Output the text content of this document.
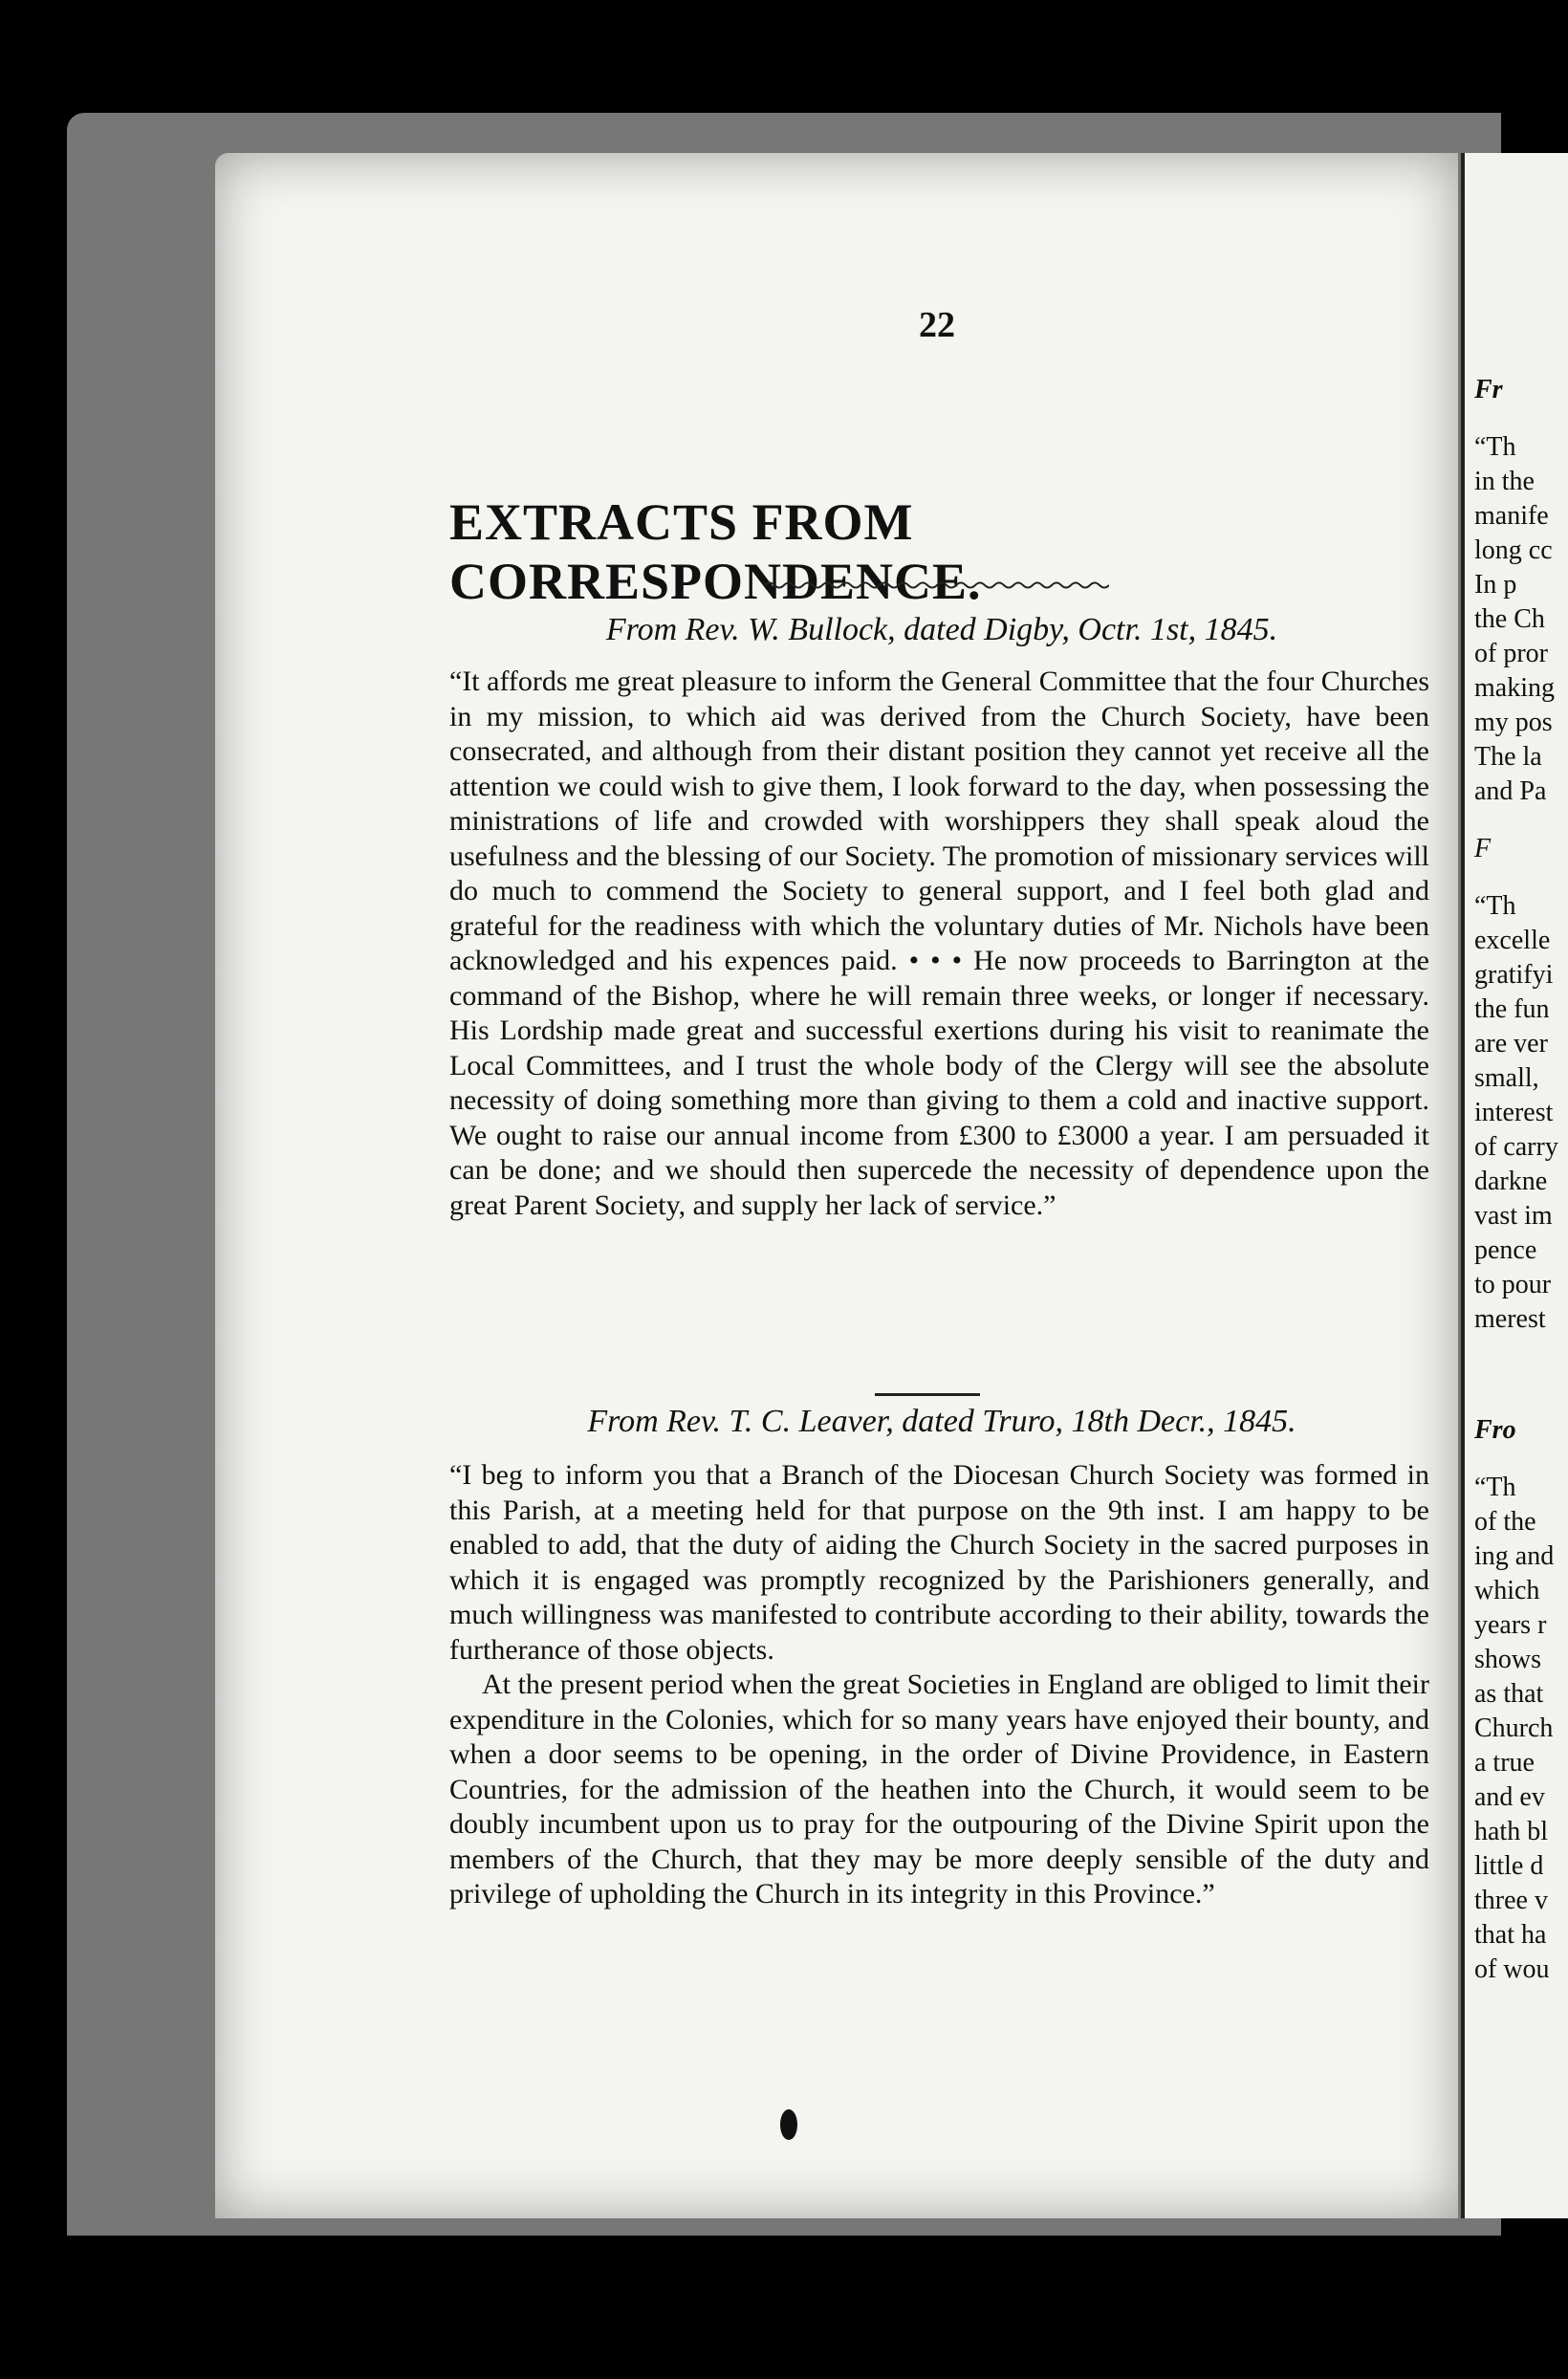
22
EXTRACTS FROM CORRESPONDENCE.
From Rev. W. Bullock, dated Digby, Octr. 1st, 1845.

“It affords me great pleasure to inform the General Committee that the four Churches in my mission, to which aid was derived from the Church Society, have been consecrated, and although from their distant position they cannot yet receive all the attention we could wish to give them, I look forward to the day, when possessing the ministrations of life and crowded with worshippers they shall speak aloud the usefulness and the blessing of our Society. The promotion of missionary services will do much to commend the Society to general support, and I feel both glad and grateful for the readiness with which the voluntary duties of Mr. Nichols have been acknowledged and his expences paid. • • • He now proceeds to Barrington at the command of the Bishop, where he will remain three weeks, or longer if necessary. His Lordship made great and successful exertions during his visit to reanimate the Local Committees, and I trust the whole body of the Clergy will see the absolute necessity of doing something more than giving to them a cold and inactive support. We ought to raise our annual income from £300 to £3000 a year. I am persuaded it can be done; and we should then supercede the necessity of dependence upon the great Parent Society, and supply her lack of service.”

From Rev. T. C. Leaver, dated Truro, 18th Decr., 1845.

“I beg to inform you that a Branch of the Diocesan Church Society was formed in this Parish, at a meeting held for that purpose on the 9th inst. I am happy to be enabled to add, that the duty of aiding the Church Society in the sacred purposes in which it is engaged was promptly recognized by the Parishioners generally, and much willingness was manifested to contribute according to their ability, towards the furtherance of those objects.

At the present period when the great Societies in England are obliged to limit their expenditure in the Colonies, which for so many years have enjoyed their bounty, and when a door seems to be opening, in the order of Divine Providence, in Eastern Countries, for the admission of the heathen into the Church, it would seem to be doubly incumbent upon us to pray for the outpouring of the Divine Spirit upon the members of the Church, that they may be more deeply sensible of the duty and privilege of upholding the Church in its integrity in this Province.”

Fr
“Th
in the
manife
long cc
In p
the Ch
of pror
making
my pos
The la
and Pa
F
“Th
excelle
gratifyi
the fun
are ver
small,
interest
of carry
darkne
vast im
pence
to pour
merest
Fro
“Th
of the
ing and
which
years r
shows
as that
Church
a true
and ev
hath bl
little d
three v
that ha
of wou
